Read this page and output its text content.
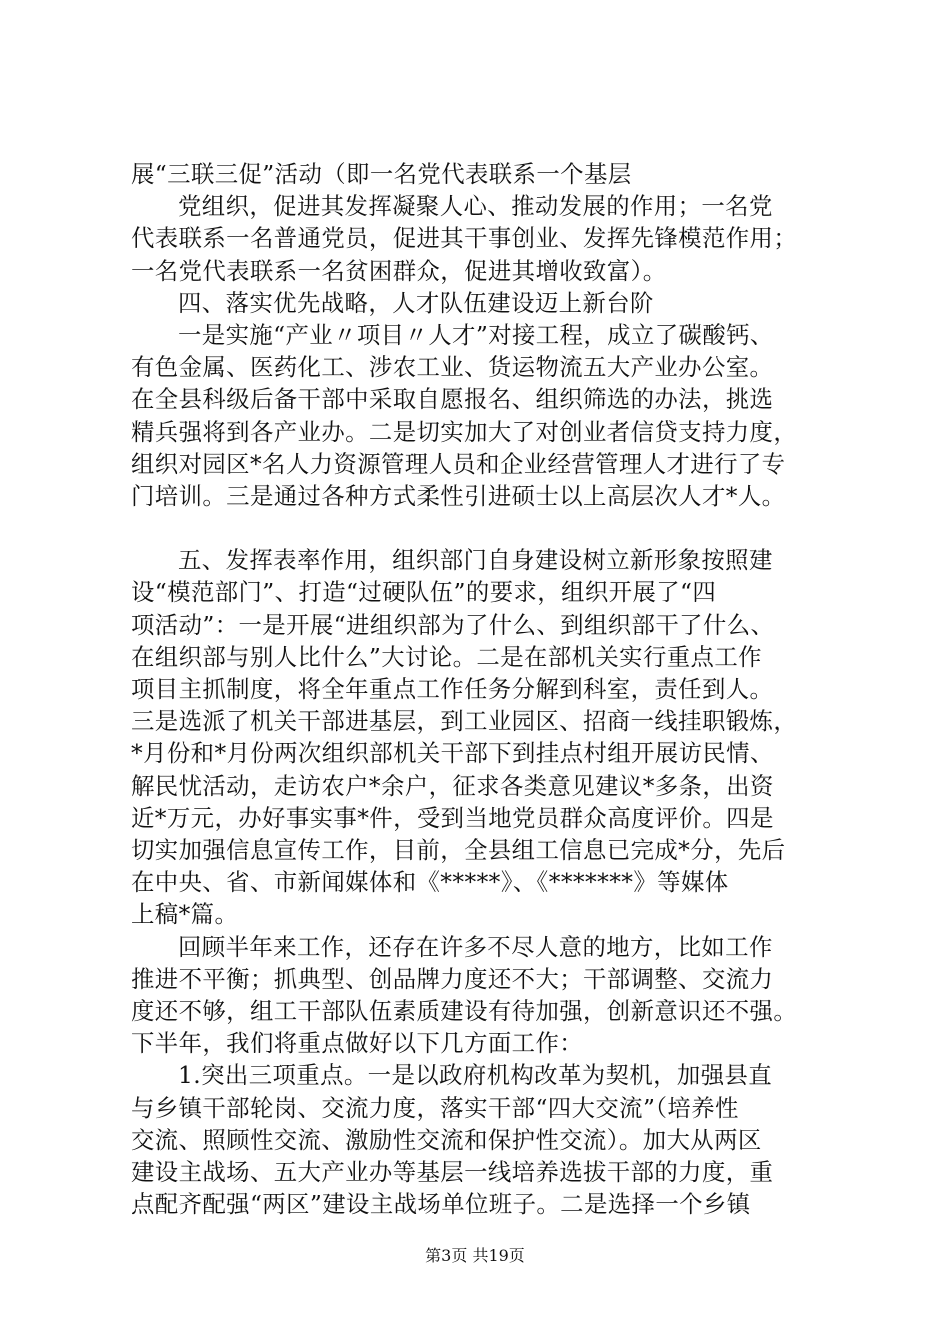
展“三联三促”活动（即一名党代表联系一个基层
党组织，促进其发挥凝聚人心、推动发展的作用；一名党
代表联系一名普通党员，促进其干事创业、发挥先锋模范作用；
一名党代表联系一名贫困群众，促进其增收致富）。
四、落实优先战略，人才队伍建设迈上新台阶
一是实施“产业〃项目〃人才”对接工程，成立了碳酸钙、
有色金属、医药化工、涉农工业、货运物流五大产业办公室。
在全县科级后备干部中采取自愿报名、组织筛选的办法，挑选
精兵强将到各产业办。二是切实加大了对创业者信贷支持力度，
组织对园区*名人力资源管理人员和企业经营管理人才进行了专
门培训。三是通过各种方式柔性引进硕士以上高层次人才*人。
五、发挥表率作用，组织部门自身建设树立新形象按照建
设“模范部门”、打造“过硬队伍”的要求，组织开展了“四
项活动”：一是开展“进组织部为了什么、到组织部干了什么、
在组织部与别人比什么”大讨论。二是在部机关实行重点工作
项目主抓制度，将全年重点工作任务分解到科室，责任到人。
三是选派了机关干部进基层，到工业园区、招商一线挂职锻炼，
*月份和*月份两次组织部机关干部下到挂点村组开展访民情、
解民忧活动，走访农户*余户，征求各类意见建议*多条，出资
近*万元，办好事实事*件，受到当地党员群众高度评价。四是
切实加强信息宣传工作，目前，全县组工信息已完成*分，先后
在中央、省、市新闻媒体和《*****》、《*******》等媒体
上稿*篇。
回顾半年来工作，还存在许多不尽人意的地方，比如工作
推进不平衡；抓典型、创品牌力度还不大；干部调整、交流力
度还不够，组工干部队伍素质建设有待加强，创新意识还不强。
下半年，我们将重点做好以下几方面工作：
1.突出三项重点。一是以政府机构改革为契机，加强县直
与乡镇干部轮岗、交流力度，落实干部“四大交流”（培养性
交流、照顾性交流、激励性交流和保护性交流）。加大从两区
建设主战场、五大产业办等基层一线培养选拔干部的力度，重
点配齐配强“两区”建设主战场单位班子。二是选择一个乡镇
第3页 共19页
